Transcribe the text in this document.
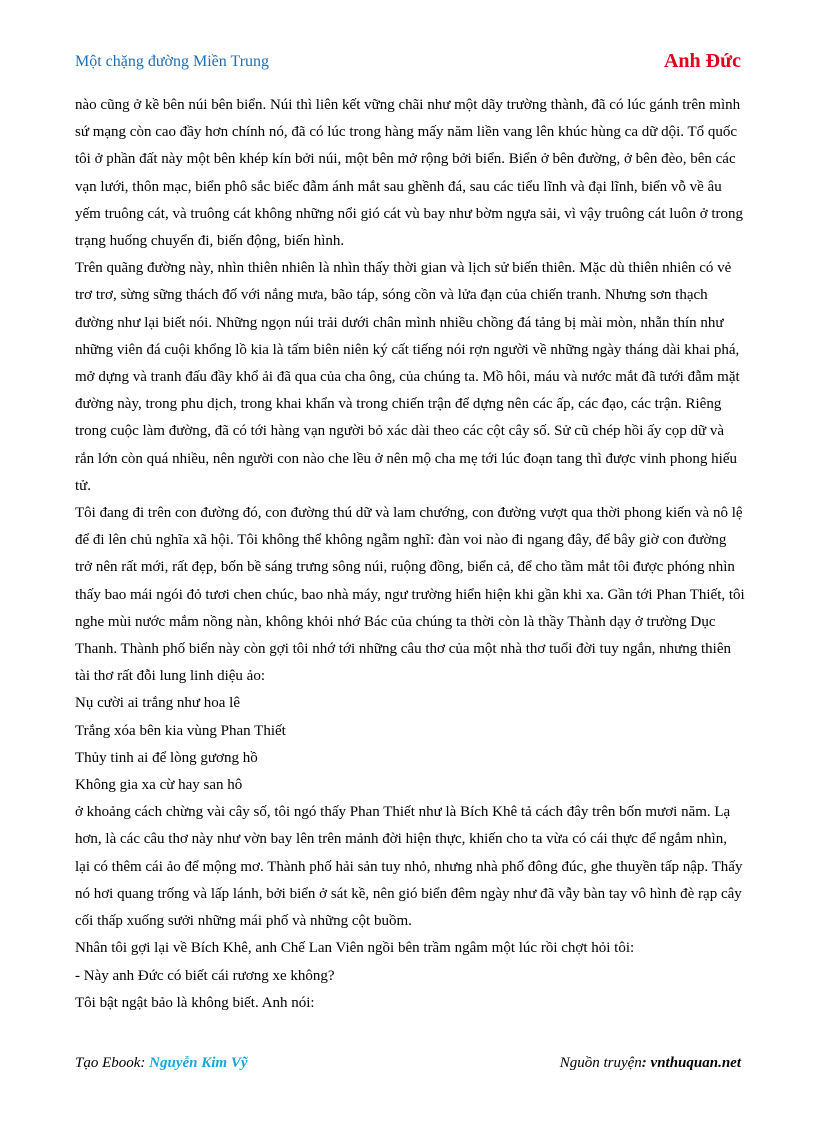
Một chặng đường Miền Trung	Anh Đức

nào cũng ở kề bên núi bên biển. Núi thì liên kết vững chãi như một dãy trường thành, đã có lúc gánh trên mình sứ mạng còn cao đầy hơn chính nó, đã có lúc trong hàng mấy năm liền vang lên khúc hùng ca dữ dội. Tổ quốc tôi ở phần đất này một bên khép kín bởi núi, một bên mở rộng bởi biển. Biển ở bên đường, ở bên đèo, bên các vạn lưới, thôn mạc, biển phô sắc biếc đẫm ánh mắt sau ghềnh đá, sau các tiểu lĩnh và đại lĩnh, biển vỗ về âu yếm truông cát, và truông cát không những nổi gió cát vù bay như bờm ngựa sải, vì vậy truông cát luôn ở trong trạng huống chuyển đi, biến động, biến hình.

Trên quãng đường này, nhìn thiên nhiên là nhìn thấy thời gian và lịch sử biến thiên. Mặc dù thiên nhiên có vẻ trơ trơ, sừng sững thách đố với nắng mưa, bão táp, sóng cồn và lửa đạn của chiến tranh. Nhưng sơn thạch đường như lại biết nói. Những ngọn núi trải dưới chân mình nhiều chồng đá tảng bị mài mòn, nhẵn thín như những viên đá cuội khổng lồ kia là tấm biên niên ký cất tiếng nói rợn người về những ngày tháng dài khai phá, mở dựng và tranh đấu đầy khổ ải đã qua của cha ông, của chúng ta. Mồ hôi, máu và nước mắt đã tưới đẫm mặt đường này, trong phu dịch, trong khai khẩn và trong chiến trận để dựng nên các ấp, các đạo, các trận. Riêng trong cuộc làm đường, đã có tới hàng vạn người bỏ xác dài theo các cột cây số. Sử cũ chép hồi ấy cọp dữ và rắn lớn còn quá nhiều, nên người con nào che lều ở nên mộ cha mẹ tới lúc đoạn tang thì được vinh phong hiếu tử.

Tôi đang đi trên con đường đó, con đường thú dữ và lam chướng, con đường vượt qua thời phong kiến và nô lệ để đi lên chủ nghĩa xã hội. Tôi không thể không ngẫm nghĩ: đàn voi nào đi ngang đây, để bây giờ con đường trở nên rất mới, rất đẹp, bốn bề sáng trưng sông núi, ruộng đồng, biển cả, để cho tầm mắt tôi được phóng nhìn thấy bao mái ngói đỏ tươi chen chúc, bao nhà máy, ngư trường hiển hiện khi gần khi xa. Gần tới Phan Thiết, tôi nghe mùi nước mắm nồng nàn, không khỏi nhớ Bác của chúng ta thời còn là thầy Thành dạy ở trường Dục Thanh. Thành phố biển này còn gợi tôi nhớ tới những câu thơ của một nhà thơ tuổi đời tuy ngắn, nhưng thiên tài thơ rất đỗi lung linh diệu ảo:

Nụ cười ai trắng như hoa lê

Trắng xóa bên kia vùng Phan Thiết

Thủy tinh ai để lòng gương hồ

Không gia xa cừ hay san hô

ở khoảng cách chừng vài cây số, tôi ngó thấy Phan Thiết như là Bích Khê tả cách đây trên bốn mươi năm. Lạ hơn, là các câu thơ này như vờn bay lên trên mảnh đời hiện thực, khiến cho ta vừa có cái thực để ngắm nhìn, lại có thêm cái ảo để mộng mơ. Thành phố hải sản tuy nhỏ, nhưng nhà phố đông đúc, ghe thuyền tấp nập. Thấy nó hơi quang trống và lấp lánh, bởi biển ở sát kề, nên gió biển đêm ngày như đã vẫy bàn tay vô hình đè rạp cây cối thấp xuống sưởi những mái phố và những cột buồm.

Nhân tôi gợi lại về Bích Khê, anh Chế Lan Viên ngồi bên trầm ngâm một lúc rồi chợt hỏi tôi:

- Này anh Đức có biết cái rương xe không?

Tôi bật ngật bảo là không biết. Anh nói:

Tạo Ebook: Nguyễn Kim Vỹ	Nguồn truyện: vnthuquan.net
